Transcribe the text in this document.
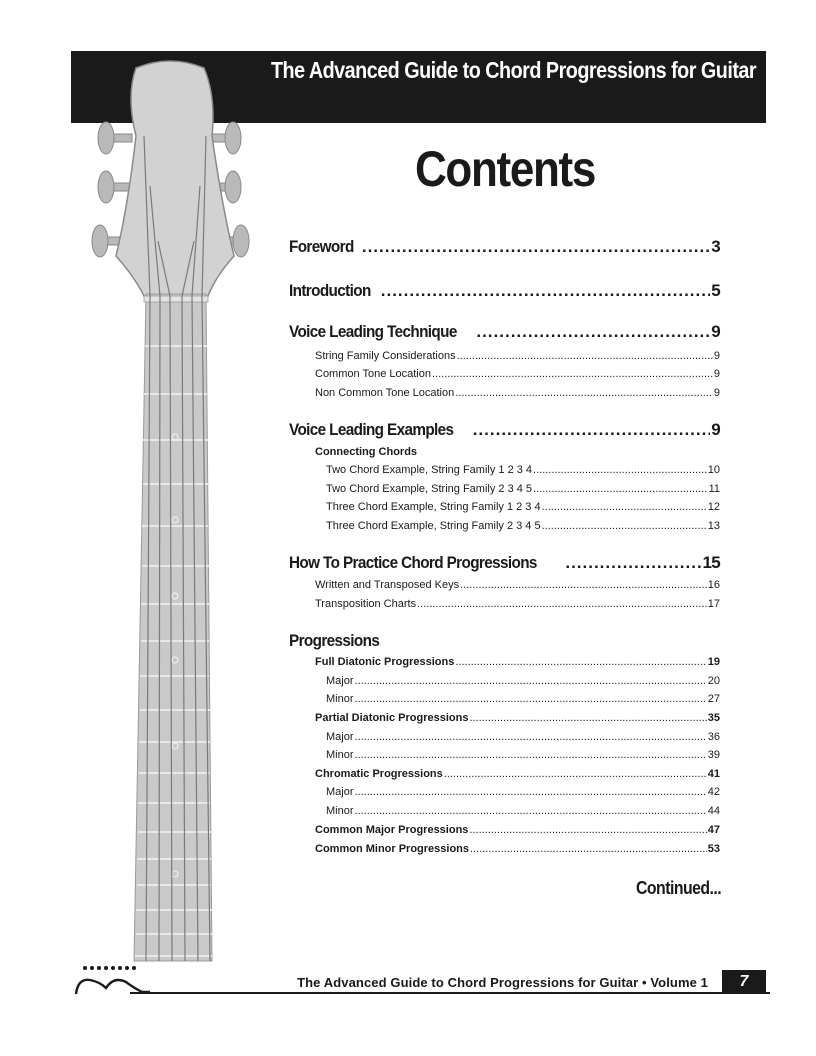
The Advanced Guide to Chord Progressions for Guitar
Contents
Foreword .....	3
Introduction .....	5
Voice Leading Technique .....	9
String Family Considerations .....	9
Common Tone Location .....	9
Non Common Tone Location .....	9
Voice Leading Examples .....	9
Connecting Chords
Two Chord Example, String Family 1 2 3 4 .....	10
Two Chord Example, String Family 2 3 4 5 .....	11
Three Chord Example, String Family 1 2 3 4 .....	12
Three Chord Example, String Family 2 3 4 5 .....	13
How To Practice Chord Progressions .....	15
Written and Transposed Keys .....	16
Transposition Charts .....	17
Progressions
Full Diatonic Progressions .....	19
Major .....	20
Minor .....	27
Partial Diatonic Progressions .....	35
Major .....	36
Minor .....	39
Chromatic Progressions .....	41
Major .....	42
Minor .....	44
Common Major Progressions .....	47
Common Minor Progressions .....	53
Continued...
The Advanced Guide to Chord Progressions for Guitar • Volume 1	7
